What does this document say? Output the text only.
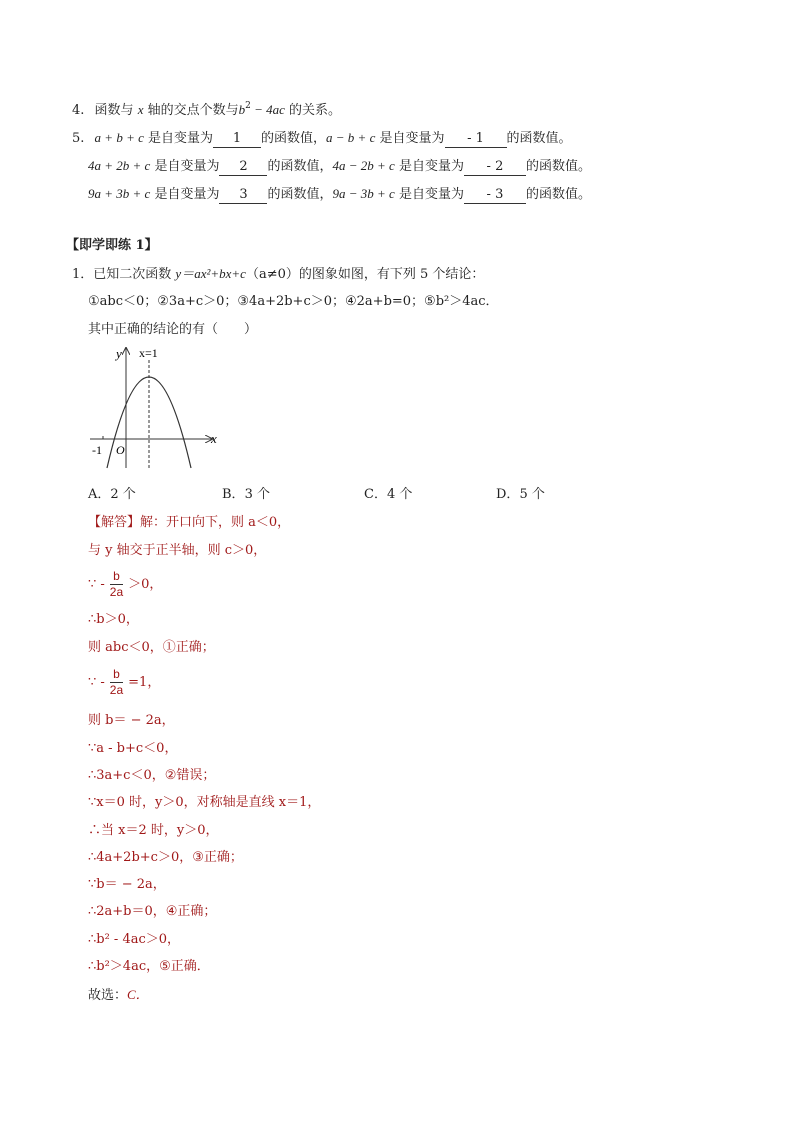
4. 函数与 x 轴的交点个数与$b^2 - 4ac$ 的关系。
5. a + b + c 是自变量为 1 的函数值，a − b + c 是自变量为 - 1 的函数值。
4a + 2b + c 是自变量为 2 的函数值，4a − 2b + c 是自变量为 - 2 的函数值。
9a + 3b + c 是自变量为 3 的函数值，9a − 3b + c 是自变量为 - 3 的函数值。
【即学即练 1】
1．已知二次函数 y＝ax²+bx+c（a≠0）的图象如图，有下列 5 个结论：
①abc＜0；②3a+c＞0；③4a+2b+c＞0；④2a+b=0；⑤b²＞4ac．
其中正确的结论的有（　　）
y
x
x=1
O
-1
A．2 个	B．3 个	C．4 个	D．5 个
【解答】解：开口向下，则 a＜0，
与 y 轴交于正半轴，则 c＞0，
∵ - $\frac{b}{2a} >0$，
∴b＞0，
则 abc＜0，①正确；
∵ - $\frac{b}{2a} =1$，
则 b＝ − 2a，
∵a - b+c＜0，
∴3a+c＜0，②错误；
∵x＝0 时，y＞0，对称轴是直线 x＝1，
∴当 x＝2 时，y＞0，
∴4a+2b+c＞0，③正确；
∵b＝ − 2a，
∴2a+b＝0，④正确；
∴b² - 4ac＞0，
∴b²＞4ac，⑤正确．
故选：C．
